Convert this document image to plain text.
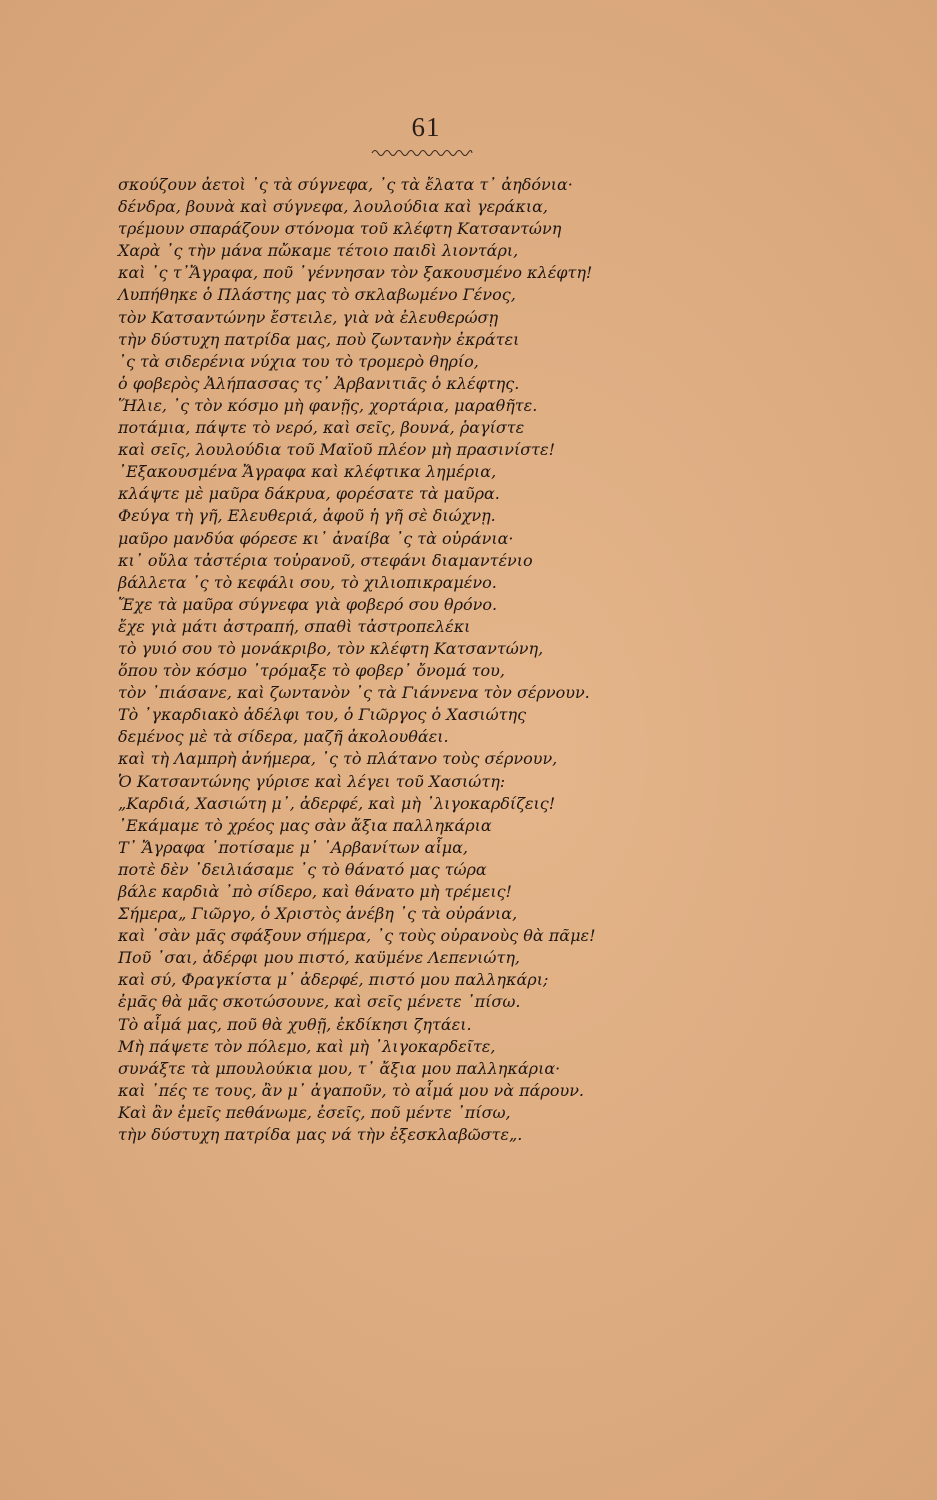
61
σκούζουν ἀετοὶ ᾽ς τὰ σύγνεφα, ᾽ς τὰ ἔλατα τ᾽ ἀηδόνια·
δένδρα, βουνὰ καὶ σύγνεφα, λουλούδια καὶ γεράκια,
τρέμουν σπαράζουν στόνομα τοῦ κλέφτη Κατσαντώνη
Χαρὰ ᾽ς τὴν μάνα πὤκαμε τέτοιο παιδὶ λιοντάρι,
καὶ ᾽ς τ᾽Ἄγραφα, ποῦ ᾽γέννησαν τὸν ξακουσμένο κλέφτη!
Λυπήθηκε ὁ Πλάστης μας τὸ σκλαβωμένο Γένος,
τὸν Κατσαντώνην ἔστειλε, γιὰ νὰ ἐλευθερώσῃ
τὴν δύστυχη πατρίδα μας, ποὺ ζωντανὴν ἐκράτει
᾽ς τὰ σιδερένια νύχια του τὸ τρομερὸ θηρίο,
ὁ φοβερὸς Ἀλήπασσας τς᾽ Ἀρβανιτιᾶς ὁ κλέφτης.
Ἥλιε, ᾽ς τὸν κόσμο μὴ φανῇς, χορτάρια, μαραθῆτε.
ποτάμια, πάψτε τὸ νερό, καὶ σεῖς, βουνά, ῥαγίστε
καὶ σεῖς, λουλούδια τοῦ Μαϊοῦ πλέον μὴ πρασινίστε!
᾽Εξακουσμένα Ἄγραφα καὶ κλέφτικα λημέρια,
κλάψτε μὲ μαῦρα δάκρυα, φορέσατε τὰ μαῦρα.
Φεύγα τὴ γῆ, Ελευθεριά, ἀφοῦ ἡ γῆ σὲ διώχνῃ.
μαῦρο μανδύα φόρεσε κι᾽ ἀναίβα ᾽ς τὰ οὐράνια·
κι᾽ οὔλα τἀστέρια τοὐρανοῦ, στεφάνι διαμαντένιο
βάλλετα ᾽ς τὸ κεφάλι σου, τὸ χιλιοπικραμένο.
Ἔχε τὰ μαῦρα σύγνεφα γιὰ φοβερό σου θρόνο.
ἔχε γιὰ μάτι ἀστραπή, σπαθὶ τἀστροπελέκι
τὸ γυιό σου τὸ μονάκριβο, τὸν κλέφτη Κατσαντώνη,
ὅπου τὸν κόσμο ᾽τρόμαξε τὸ φοβερ᾽ ὄνομά του,
τὸν ᾽πιάσανε, καὶ ζωντανὸν ᾽ς τὰ Γιάννενα τὸν σέρνουν.
Τὸ ᾽γκαρδιακὸ ἀδέλφι του, ὁ Γιῶργος ὁ Χασιώτης
δεμένος μὲ τὰ σίδερα, μαζῆ ἀκολουθάει.
καὶ τὴ Λαμπρὴ ἀνήμερα, ᾽ς τὸ πλάτανο τοὺς σέρνουν,
Ὁ Κατσαντώνης γύρισε καὶ λέγει τοῦ Χασιώτη:
„Καρδιά, Χασιώτη μ᾽, ἀδερφέ, καὶ μὴ ᾽λιγοκαρδίζεις!
᾽Εκάμαμε τὸ χρέος μας σὰν ἄξια παλληκάρια
Τ᾽ Ἄγραφα ᾽ποτίσαμε μ᾽ ᾽Αρβανίτων αἷμα,
ποτὲ δὲν ᾽δειλιάσαμε ᾽ς τὸ θάνατό μας τώρα
βάλε καρδιὰ ᾽πὸ σίδερο, καὶ θάνατο μὴ τρέμεις!
Σήμερα„ Γιῶργο, ὁ Χριστὸς ἀνέβη ᾽ς τὰ οὐράνια,
καὶ ᾽σὰν μᾶς σφάξουν σήμερα, ᾽ς τοὺς οὐρανοὺς θὰ πᾶμε!
Ποῦ ᾽σαι, ἀδέρφι μου πιστό, καϋμένε Λεπενιώτη,
καὶ σύ, Φραγκίστα μ᾽ ἀδερφέ, πιστό μου παλληκάρι;
ἐμᾶς θὰ μᾶς σκοτώσουνε, καὶ σεῖς μένετε ᾽πίσω.
Τὸ αἷμά μας, ποῦ θὰ χυθῇ, ἐκδίκησι ζητάει.
Μὴ πάψετε τὸν πόλεμο, καὶ μὴ ᾽λιγοκαρδεῖτε,
συνάξτε τὰ μπουλούκια μου, τ᾽ ἄξια μου παλληκάρια·
καὶ ᾽πές τε τους, ἂν μ᾽ ἀγαποῦν, τὸ αἷμά μου νὰ πάρουν.
Καὶ ἂν ἐμεῖς πεθάνωμε, ἐσεῖς, ποῦ μέντε ᾽πίσω,
τὴν δύστυχη πατρίδα μας νά τὴν ἐξεσκλαβῶστε„.
